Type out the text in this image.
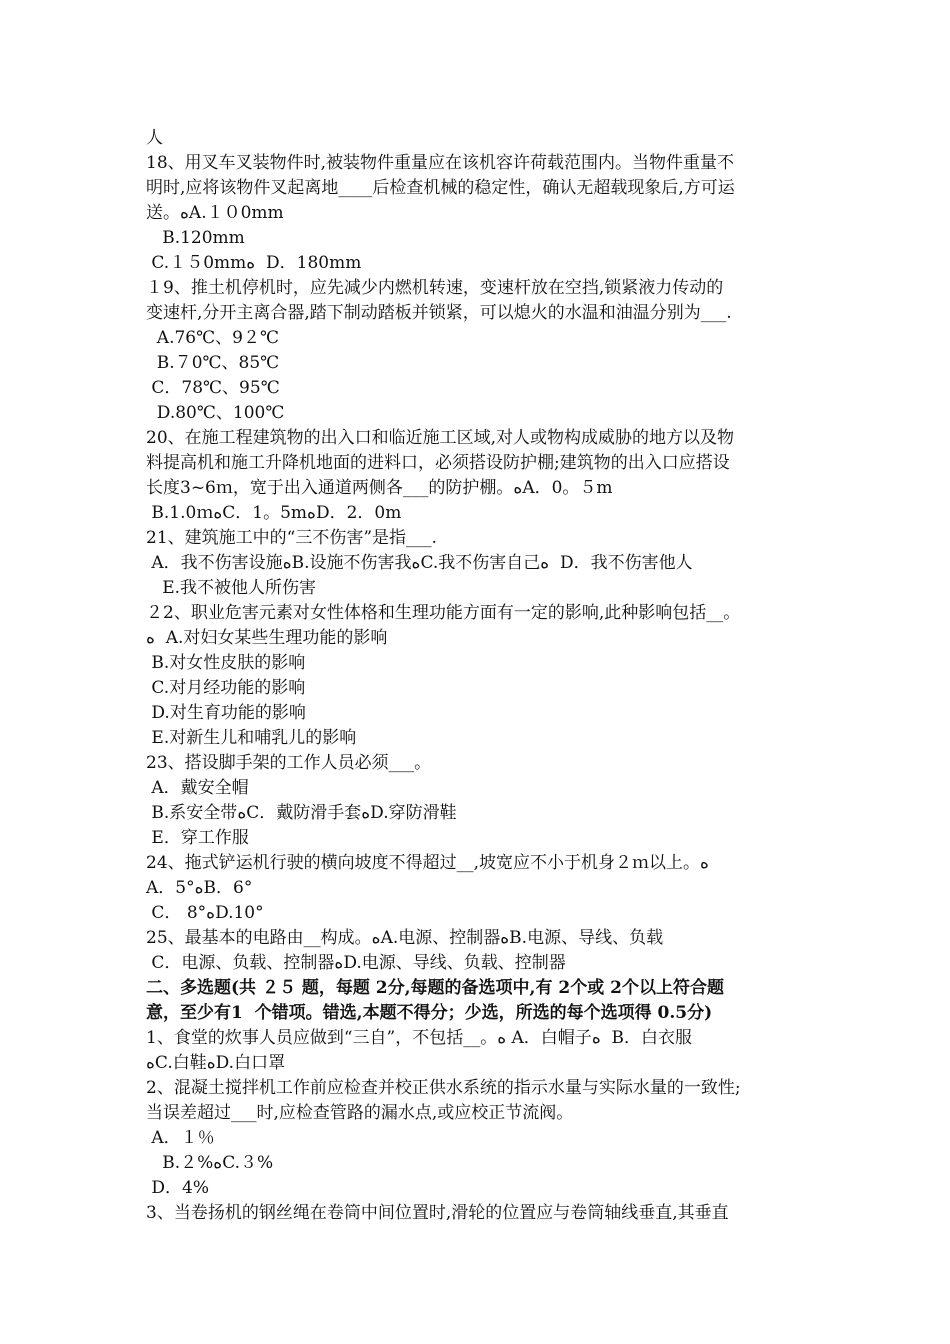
人
18、用叉车叉装物件时,被装物件重量应在该机容许荷载范围内。当物件重量不
明时,应将该物件叉起离地____后检查机械的稳定性，确认无超载现象后,方可运
送。ﻩA.１０0mm
B.120mm
C.１５0mmﻩ  D．180mm
１9、推土机停机时，应先减少内燃机转速，变速杆放在空挡,锁紧液力传动的
变速杆,分开主离合器,踏下制动踏板并锁紧，可以熄火的水温和油温分别为___.
A.76℃、9２℃
B.７0℃、85℃
C．78℃、95℃
D.80℃、100℃
20、在施工程建筑物的出入口和临近施工区域,对人或物构成威胁的地方以及物
料提高机和施工升降机地面的进料口，必须搭设防护棚;建筑物的出入口应搭设
长度3~6ｍ，宽于出入通道两侧各___的防护棚。ﻩA．0。５m
B.1.0ｍﻩC．1。5mﻩD．2．0m
21、建筑施工中的“三不伤害”是指___.
A．我不伤害设施ﻩB.设施不伤害我ﻩC.我不伤害自己ﻩ  D．我不伤害他人
E.我不被他人所伤害
２2、职业危害元素对女性体格和生理功能方面有一定的影响,此种影响包括__。
ﻩ  A.对妇女某些生理功能的影响
B.对女性皮肤的影响
C.对月经功能的影响
D.对生育功能的影响
E.对新生儿和哺乳儿的影响
23、搭设脚手架的工作人员必须___。
A．戴安全帽
B.系安全带ﻩC．戴防滑手套ﻩD.穿防滑鞋
E．穿工作服
24、拖式铲运机行驶的横向坡度不得超过__,坡宽应不小于机身２ｍ以上。ﻩ
A．5°ﻩB．6°
C． 8°ﻩD.10°
25、最基本的电路由__构成。ﻩA.电源、控制器ﻩB.电源、导线、负载
C．电源、负载、控制器ﻩD.电源、导线、负载、控制器
二、多选题(共 ２５ 题，每题 2分,每题的备选项中,有 2个或 2个以上符合题
意，至少有1  个错项。错选,本题不得分；少选，所选的每个选项得 0.5分)
1、食堂的炊事人员应做到“三自”，不包括__。ﻩ A．白帽子ﻩ  B．白衣服
ﻩC.白鞋ﻩD.白口罩
2、混凝土搅拌机工作前应检查并校正供水系统的指示水量与实际水量的一致性;
当误差超过___时,应检查管路的漏水点,或应校正节流阀。
A．１％
B.２%ﻩC.３%
D．4%
3、当卷扬机的钢丝绳在卷筒中间位置时,滑轮的位置应与卷筒轴线垂直,其垂直
